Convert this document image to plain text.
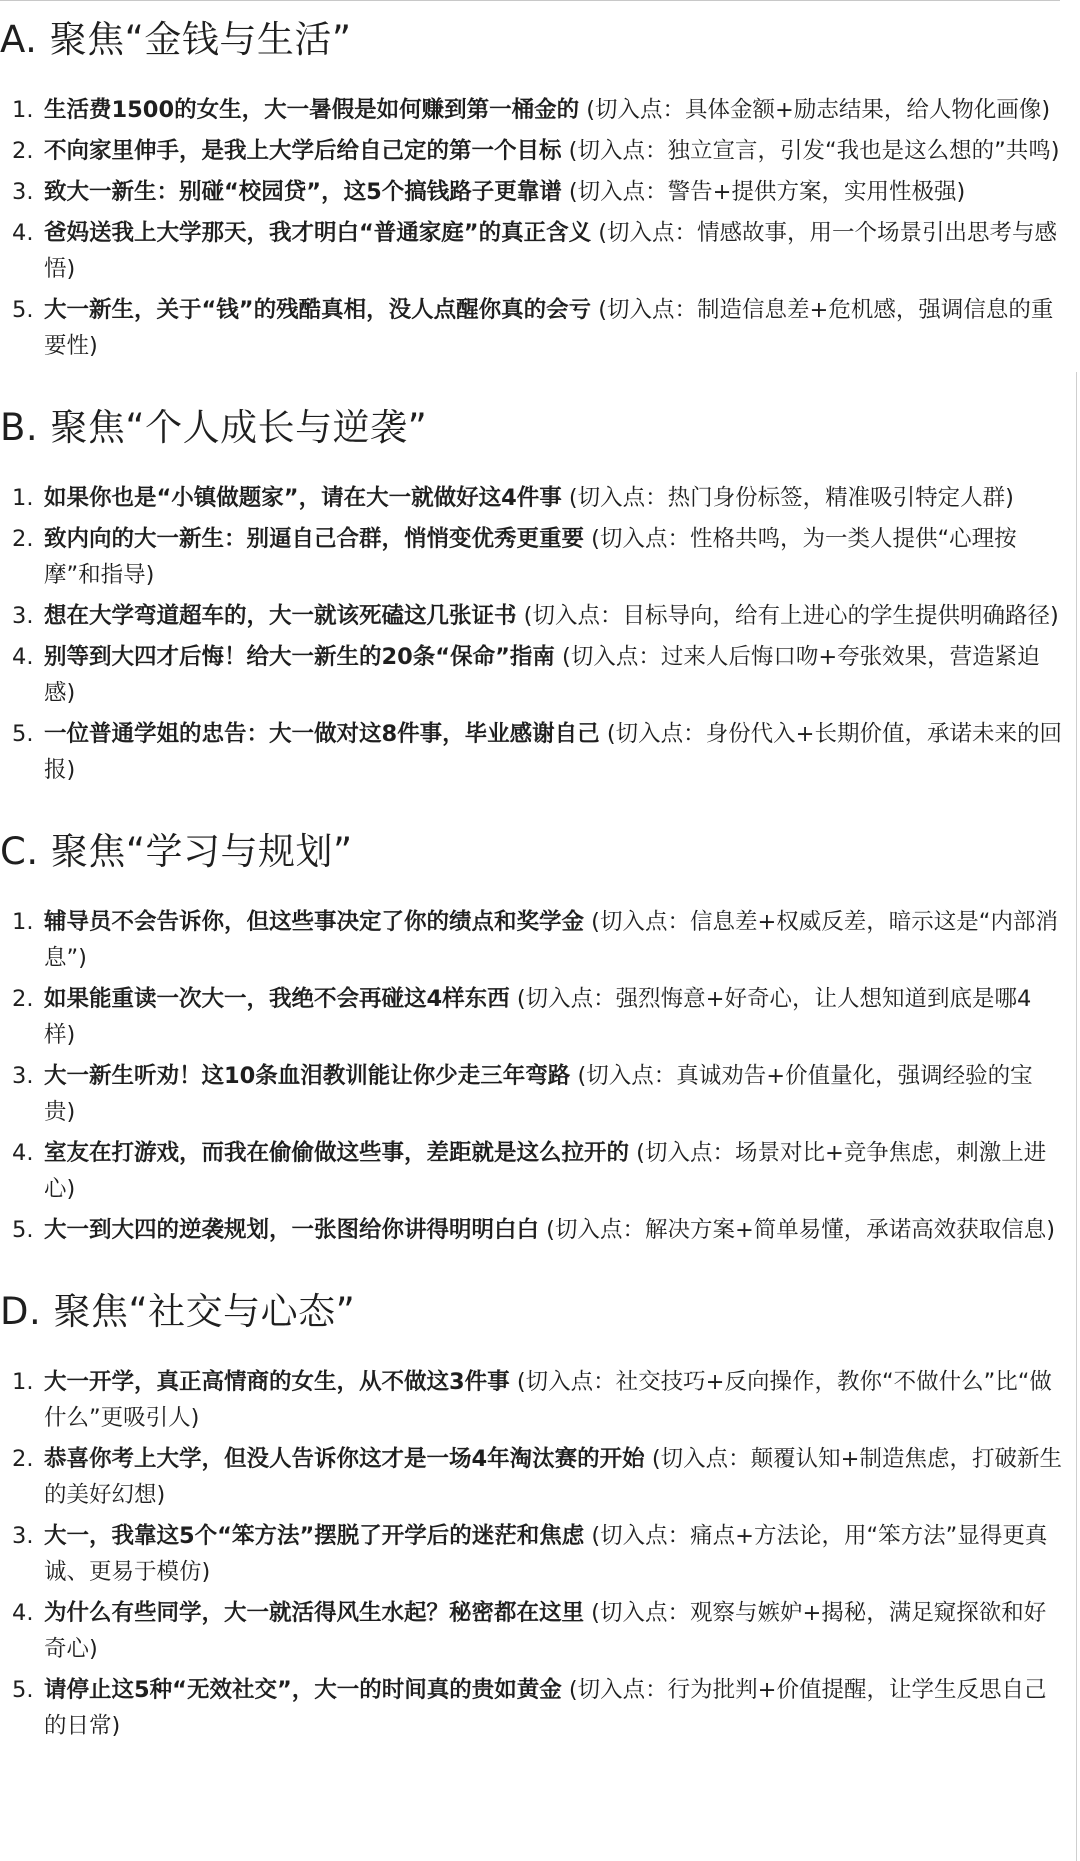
A. 聚焦“金钱与生活”
1. 生活费1500的女生，大一暑假是如何赚到第一桶金的 (切入点：具体金额+励志结果，给人物化画像)
2. 不向家里伸手，是我上大学后给自己定的第一个目标 (切入点：独立宣言，引发“我也是这么想的”共鸣)
3. 致大一新生：别碰“校园贷”，这5个搞钱路子更靠谱 (切入点：警告+提供方案，实用性极强)
4. 爸妈送我上大学那天，我才明白“普通家庭”的真正含义 (切入点：情感故事，用一个场景引出思考与感悟)
5. 大一新生，关于“钱”的残酷真相，没人点醒你真的会亏 (切入点：制造信息差+危机感，强调信息的重要性)
B. 聚焦“个人成长与逆袭”
1. 如果你也是“小镇做题家”，请在大一就做好这4件事 (切入点：热门身份标签，精准吸引特定人群)
2. 致内向的大一新生：别逼自己合群，悄悄变优秀更重要 (切入点：性格共鸣，为一类人提供“心理按摩”和指导)
3. 想在大学弯道超车的，大一就该死磕这几张证书 (切入点：目标导向，给有上进心的学生提供明确路径)
4. 别等到大四才后悔！给大一新生的20条“保命”指南 (切入点：过来人后悔口吻+夸张效果，营造紧迫感)
5. 一位普通学姐的忠告：大一做对这8件事，毕业感谢自己 (切入点：身份代入+长期价值，承诺未来的回报)
C. 聚焦“学习与规划”
1. 辅导员不会告诉你，但这些事决定了你的绩点和奖学金 (切入点：信息差+权威反差，暗示这是“内部消息”)
2. 如果能重读一次大一，我绝不会再碰这4样东西 (切入点：强烈悔意+好奇心，让人想知道到底是哪4样)
3. 大一新生听劝！这10条血泪教训能让你少走三年弯路 (切入点：真诚劝告+价值量化，强调经验的宝贵)
4. 室友在打游戏，而我在偷偷做这些事，差距就是这么拉开的 (切入点：场景对比+竞争焦虑，刺激上进心)
5. 大一到大四的逆袭规划，一张图给你讲得明明白白 (切入点：解决方案+简单易懂，承诺高效获取信息)
D. 聚焦“社交与心态”
1. 大一开学，真正高情商的女生，从不做这3件事 (切入点：社交技巧+反向操作，教你“不做什么”比“做什么”更吸引人)
2. 恭喜你考上大学，但没人告诉你这才是一场4年淘汰赛的开始 (切入点：颠覆认知+制造焦虑，打破新生的美好幻想)
3. 大一，我靠这5个“笨方法”摆脱了开学后的迷茫和焦虑 (切入点：痛点+方法论，用“笨方法”显得更真诚、更易于模仿)
4. 为什么有些同学，大一就活得风生水起？秘密都在这里 (切入点：观察与嫉妒+揭秘，满足窥探欲和好奇心)
5. 请停止这5种“无效社交”，大一的时间真的贵如黄金 (切入点：行为批判+价值提醒，让学生反思自己的日常)
